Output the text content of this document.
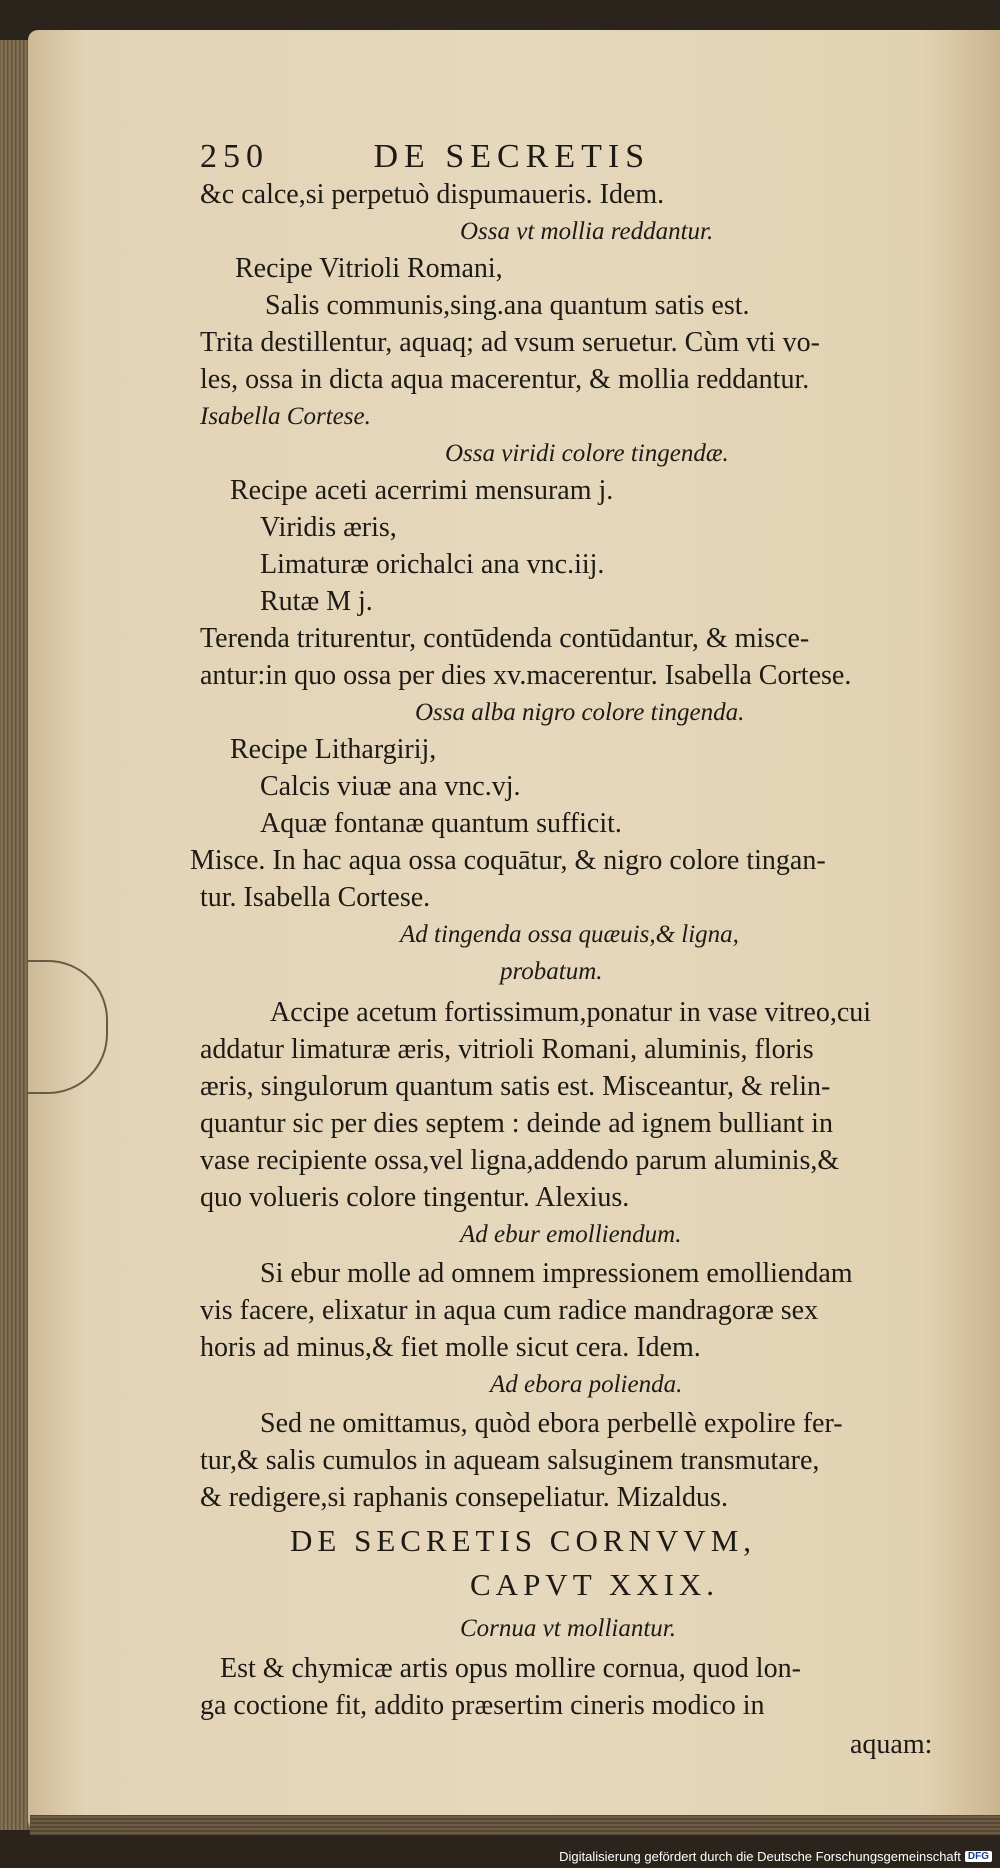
250	DE SECRETIS
&c calce,si perpetuò dispumaueris. Idem.
Ossa vt mollia reddantur.
Recipe Vitrioli Romani,
Salis communis,sing.ana quantum satis est.
Trita destillentur, aquaq; ad vsum seruetur. Cùm vti vo-
les, ossa in dicta aqua macerentur, & mollia reddantur.
Isabella Cortese.
Ossa viridi colore tingendæ.
Recipe aceti acerrimi mensuram j.
Viridis æris,
Limaturæ orichalci ana vnc.iij.
Rutæ M j.
Terenda triturentur, contūdenda contūdantur, & misce-
antur:in quo ossa per dies xv.macerentur. Isabella Cortese.
Ossa alba nigro colore tingenda.
Recipe Lithargirij,
Calcis viuæ ana vnc.vj.
Aquæ fontanæ quantum sufficit.
Misce. In hac aqua ossa coquātur, & nigro colore tingan-
tur. Isabella Cortese.
Ad tingenda ossa quæuis,& ligna,
probatum.
Accipe acetum fortissimum,ponatur in vase vitreo,cui
addatur limaturæ æris, vitrioli Romani, aluminis, floris
æris, singulorum quantum satis est. Misceantur, & relin-
quantur sic per dies septem : deinde ad ignem bulliant in
vase recipiente ossa,vel ligna,addendo parum aluminis,&
quo volueris colore tingentur. Alexius.
Ad ebur emolliendum.
Si ebur molle ad omnem impressionem emolliendam
vis facere, elixatur in aqua cum radice mandragoræ sex
horis ad minus,& fiet molle sicut cera. Idem.
Ad ebora polienda.
Sed ne omittamus, quòd ebora perbellè expolire fer-
tur,& salis cumulos in aqueam salsuginem transmutare,
& redigere,si raphanis consepeliatur. Mizaldus.
DE SECRETIS CORNVVM,
CAPVT XXIX.
Cornua vt molliantur.
Est & chymicæ artis opus mollire cornua, quod lon-
ga coctione fit, addito præsertim cineris modico in
aquam:
Digitalisierung gefördert durch die Deutsche Forschungsgemeinschaft DFG
